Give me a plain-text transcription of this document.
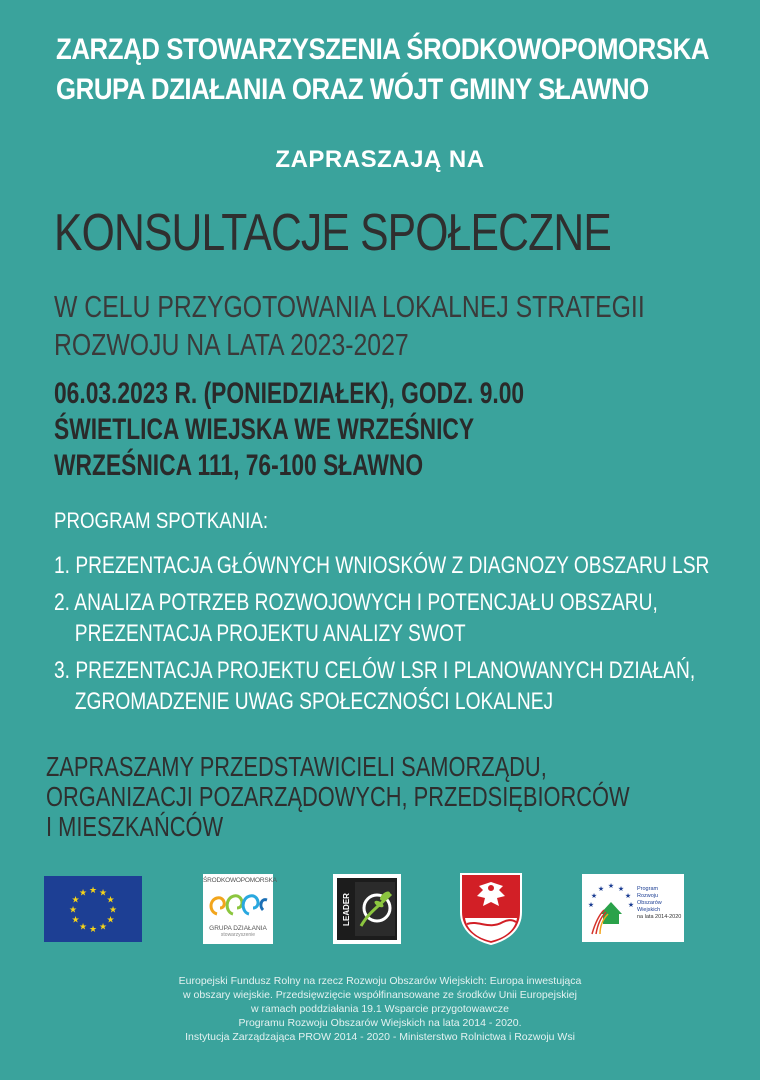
ZARZĄD STOWARZYSZENIA ŚRODKOWOPOMORSKA
GRUPA DZIAŁANIA ORAZ WÓJT GMINY SŁAWNO
ZAPRASZAJĄ NA
KONSULTACJE SPOŁECZNE
W CELU PRZYGOTOWANIA LOKALNEJ STRATEGII
ROZWOJU NA LATA 2023-2027
06.03.2023 R. (PONIEDZIAŁEK), GODZ. 9.00
ŚWIETLICA WIEJSKA WE WRZEŚNICY
WRZEŚNICA 111, 76-100 SŁAWNO
PROGRAM SPOTKANIA:
1. PREZENTACJA GŁÓWNYCH WNIOSKÓW Z DIAGNOZY OBSZARU LSR
2. ANALIZA POTRZEB ROZWOJOWYCH I POTENCJAŁU OBSZARU,
PREZENTACJA PROJEKTU ANALIZY SWOT
3. PREZENTACJA PROJEKTU CELÓW LSR I PLANOWANYCH DZIAŁAŃ,
ZGROMADZENIE UWAG SPOŁECZNOŚCI LOKALNEJ
ZAPRASZAMY PRZEDSTAWICIELI SAMORZĄDU,
ORGANIZACJI POZARZĄDOWYCH, PRZEDSIĘBIORCÓW
I MIESZKAŃCÓW
★ ★
★
★
★
★
★
★
★
★
★
★
ŚRODKOWOPOMORSKA
GRUPA DZIAŁANIA
stowarzyszenie
LEADER
★
★ ★
★	★
★	★
Program
Rozwoju
Obszarów
Wiejskich
na lata 2014-2020
Europejski Fundusz Rolny na rzecz Rozwoju Obszarów Wiejskich: Europa inwestująca
w obszary wiejskie. Przedsięwzięcie współfinansowane ze środków Unii Europejskiej
w ramach poddziałania 19.1 Wsparcie przygotowawcze
Programu Rozwoju Obszarów Wiejskich na lata 2014 - 2020.
Instytucja Zarządzająca PROW 2014 - 2020 - Ministerstwo Rolnictwa i Rozwoju Wsi
